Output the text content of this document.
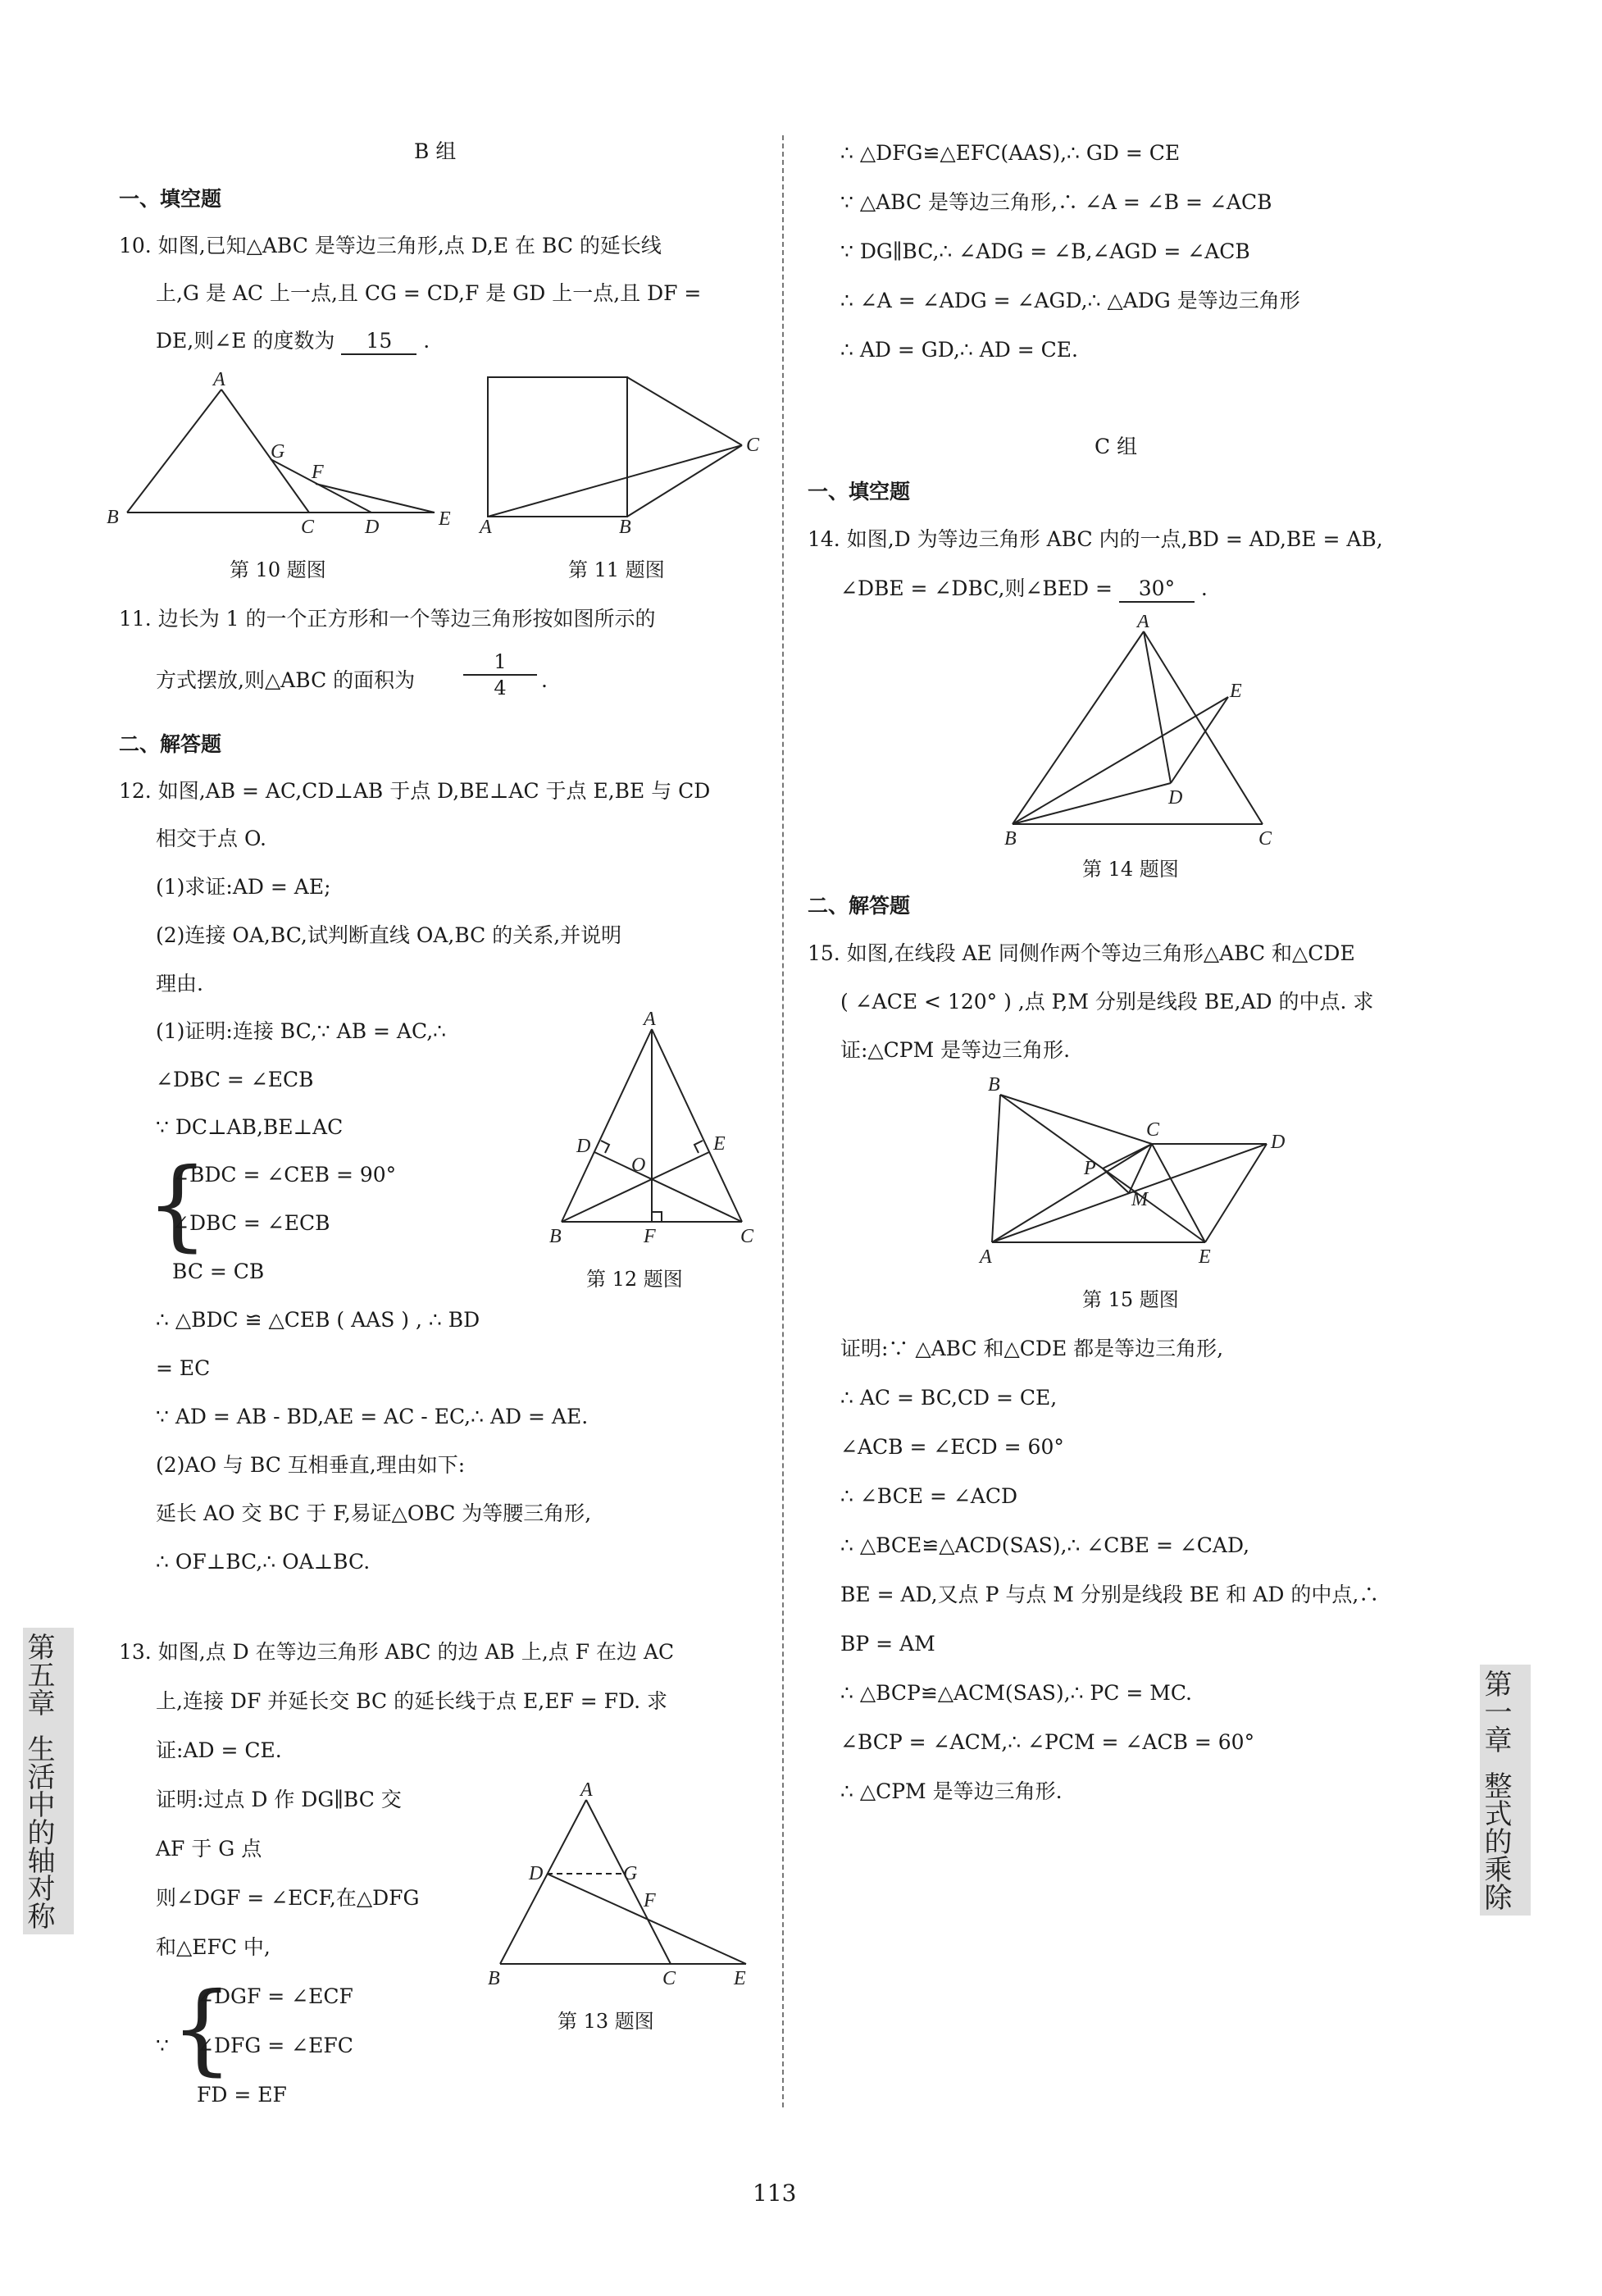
B 组
一、填空题
10. 如图,已知△ABC 是等边三角形,点 D,E 在 BC 的延长线
上,G 是 AC 上一点,且 CG = CD,F 是 GD 上一点,且 DF =
DE,则∠E 的度数为 15 .
A
B	C	D	E
G
F
第 10 题图
A	B
C
第 11 题图
11. 边长为 1 的一个正方形和一个等边三角形按如图所示的
方式摆放,则△ABC 的面积为 $\frac{1}{4}$ .
二、解答题
12. 如图,AB = AC,CD⊥AB 于点 D,BE⊥AC 于点 E,BE 与 CD
相交于点 O.
(1)求证:AD = AE;
(2)连接 OA,BC,试判断直线 OA,BC 的关系,并说明
理由.
(1)证明:连接 BC,∵ AB = AC,∴
∠DBC = ∠ECB
∵ DC⊥AB,BE⊥AC
{
∠BDC = ∠CEB = 90°
∠DBC = ∠ECB
BC = CB
∴ △BDC ≌ △CEB ( AAS ) , ∴ BD
= EC
∵ AD = AB - BD,AE = AC - EC,∴ AD = AE.
(2)AO 与 BC 互相垂直,理由如下:
延长 AO 交 BC 于 F,易证△OBC 为等腰三角形,
∴ OF⊥BC,∴ OA⊥BC.
A
B	C
D	E
O
F
第 12 题图
13. 如图,点 D 在等边三角形 ABC 的边 AB 上,点 F 在边 AC
上,连接 DF 并延长交 BC 的延长线于点 E,EF = FD. 求
证:AD = CE.
证明:过点 D 作 DG∥BC 交
AF 于 G 点
则∠DGF = ∠ECF,在△DFG
和△EFC 中,
∵ {
∠DGF = ∠ECF
∠DFG = ∠EFC
FD = EF
A
B	C
D
E
G
F
第 13 题图
∴ △DFG≌△EFC(AAS),∴ GD = CE
∵ △ABC 是等边三角形,∴ ∠A = ∠B = ∠ACB
∵ DG∥BC,∴ ∠ADG = ∠B,∠AGD = ∠ACB
∴ ∠A = ∠ADG = ∠AGD,∴ △ADG 是等边三角形
∴ AD = GD,∴ AD = CE.
C 组
一、填空题
14. 如图,D 为等边三角形 ABC 内的一点,BD = AD,BE = AB,
∠DBE = ∠DBC,则∠BED = 30° .
A
B	C
D
E
第 14 题图
二、解答题
15. 如图,在线段 AE 同侧作两个等边三角形△ABC 和△CDE
( ∠ACE < 120° ) ,点 P,M 分别是线段 BE,AD 的中点. 求
证:△CPM 是等边三角形.
B
A
C
D
E
P
M
第 15 题图
证明:∵ △ABC 和△CDE 都是等边三角形,
∴ AC = BC,CD = CE,
∠ACB = ∠ECD = 60°
∴ ∠BCE = ∠ACD
∴ △BCE≌△ACD(SAS),∴ ∠CBE = ∠CAD,
BE = AD,又点 P 与点 M 分别是线段 BE 和 AD 的中点,∴
BP = AM
∴ △BCP≌△ACM(SAS),∴ PC = MC.
∠BCP = ∠ACM,∴ ∠PCM = ∠ACB = 60°
∴ △CPM 是等边三角形.
第五章
生活中的轴对称
第一章
整式的乘除
113
